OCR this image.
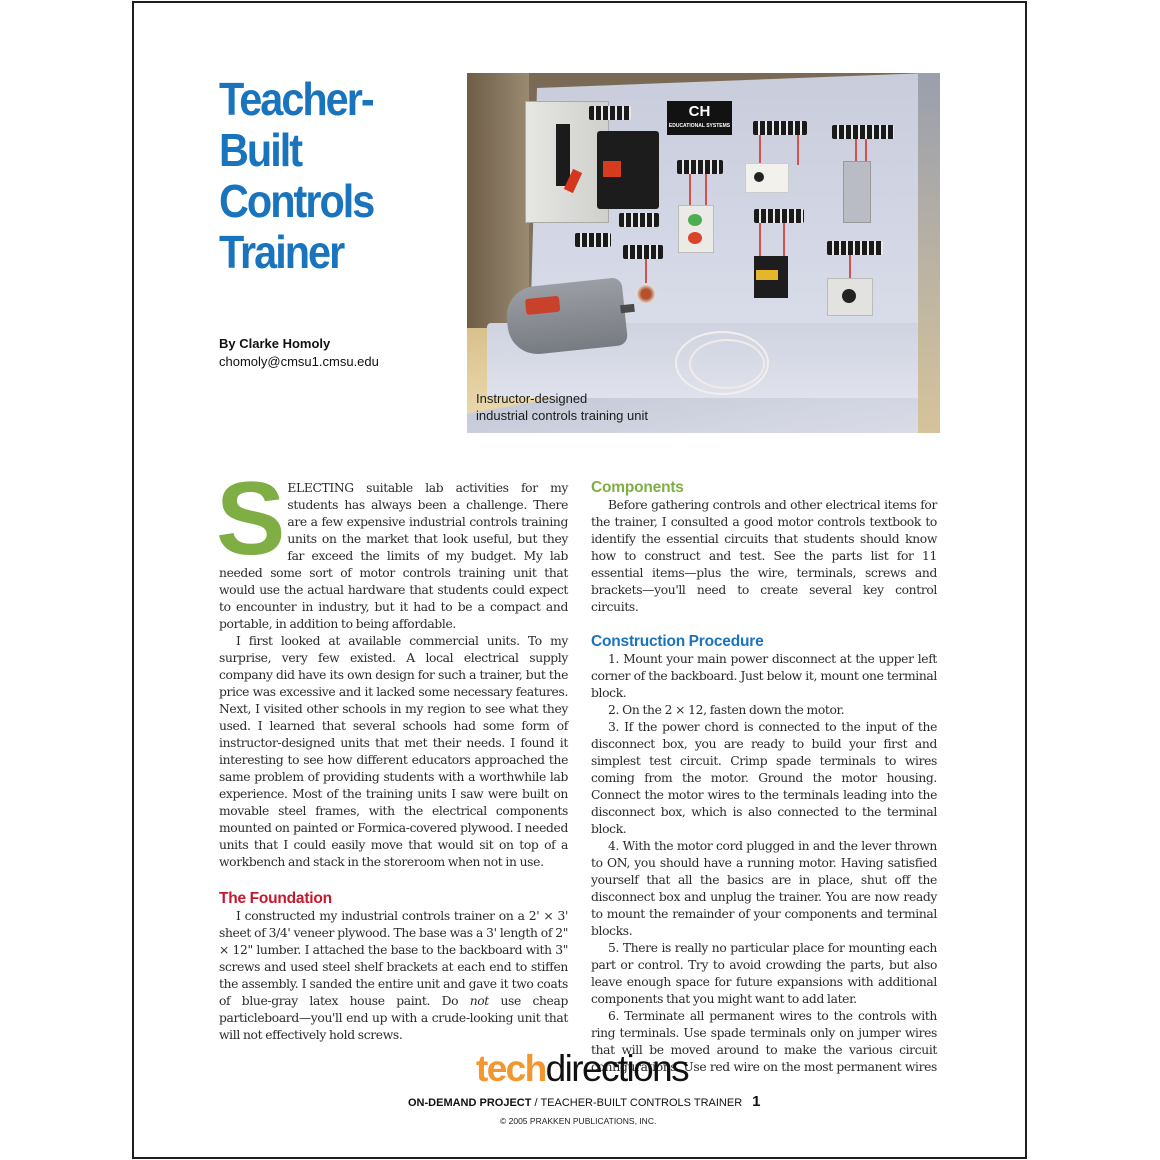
Teacher-
Built
Controls
Trainer
By Clarke Homoly
chomoly@cmsu1.cmsu.edu
CH
EDUCATIONAL SYSTEMS
Instructor-designed
industrial controls training unit

SELECTING suitable lab activities for my students has always been a challenge. There are a few expensive industrial controls training units on the market that look useful, but they far exceed the limits of my budget. My lab needed some sort of motor controls training unit that would use the actual hardware that students could expect to encounter in industry, but it had to be a compact and portable, in addition to being affordable.

I first looked at available commercial units. To my surprise, very few existed. A local electrical supply company did have its own design for such a trainer, but the price was excessive and it lacked some necessary features. Next, I visited other schools in my region to see what they used. I learned that several schools had some form of instructor-designed units that met their needs. I found it interesting to see how different educators approached the same problem of providing students with a worthwhile lab experience. Most of the training units I saw were built on movable steel frames, with the electrical components mounted on painted or Formica-covered plywood. I needed units that I could easily move that would sit on top of a workbench and stack in the storeroom when not in use.

The Foundation

I constructed my industrial controls trainer on a 2' × 3' sheet of 3/4' veneer plywood. The base was a 3' length of 2" × 12" lumber. I attached the base to the backboard with 3" screws and used steel shelf brackets at each end to stiffen the assembly. I sanded the entire unit and gave it two coats of blue-gray latex house paint. Do not use cheap particleboard—you'll end up with a crude-looking unit that will not effectively hold screws.

Components

Before gathering controls and other electrical items for the trainer, I consulted a good motor controls textbook to identify the essential circuits that students should know how to construct and test. See the parts list for 11 essential items—plus the wire, terminals, screws and brackets—you'll need to create several key control circuits.

Construction Procedure

1. Mount your main power disconnect at the upper left corner of the backboard. Just below it, mount one terminal block.

2. On the 2 × 12, fasten down the motor.

3. If the power chord is connected to the input of the disconnect box, you are ready to build your first and simplest test circuit. Crimp spade terminals to wires coming from the motor. Ground the motor housing. Connect the motor wires to the terminals leading into the disconnect box, which is also connected to the terminal block.

4. With the motor cord plugged in and the lever thrown to ON, you should have a running motor. Having satisfied yourself that all the basics are in place, shut off the disconnect box and unplug the trainer. You are now ready to mount the remainder of your components and terminal blocks.

5. There is really no particular place for mounting each part or control. Try to avoid crowding the parts, but also leave enough space for future expansions with additional components that you might want to add later.

6. Terminate all permanent wires to the controls with ring terminals. Use spade terminals only on jumper wires that will be moved around to make the various circuit configurations. Use red wire on the most permanent wires

techdirections
ON-DEMAND PROJECT / TEACHER-BUILT CONTROLS TRAINER 1
© 2005 PRAKKEN PUBLICATIONS, INC.
